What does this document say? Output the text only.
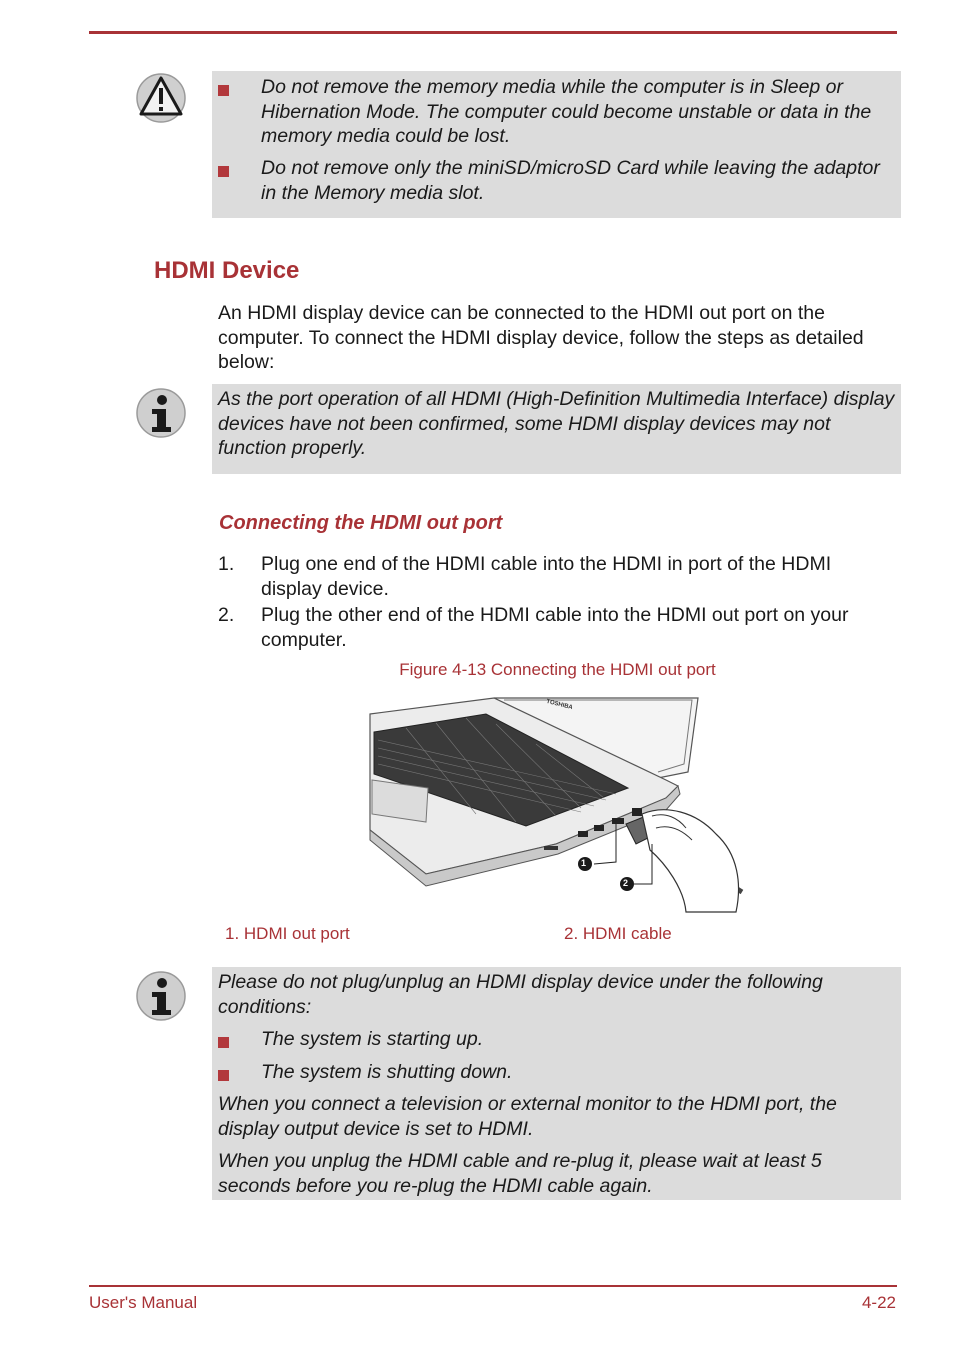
Do not remove the memory media while the computer is in Sleep or Hibernation Mode. The computer could become unstable or data in the memory media could be lost.
Do not remove only the miniSD/microSD Card while leaving the adaptor in the Memory media slot.
HDMI Device
An HDMI display device can be connected to the HDMI out port on the computer. To connect the HDMI display device, follow the steps as detailed below:
As the port operation of all HDMI (High-Definition Multimedia Interface) display devices have not been confirmed, some HDMI display devices may not function properly.
Connecting the HDMI out port
1. Plug one end of the HDMI cable into the HDMI in port of the HDMI display device.
2. Plug the other end of the HDMI cable into the HDMI out port on your computer.
Figure 4-13 Connecting the HDMI out port
TOSHIBA
1
2
1. HDMI out port	2. HDMI cable
Please do not plug/unplug an HDMI display device under the following conditions:
The system is starting up.
The system is shutting down.
When you connect a television or external monitor to the HDMI port, the display output device is set to HDMI.
When you unplug the HDMI cable and re-plug it, please wait at least 5 seconds before you re-plug the HDMI cable again.
User's Manual	4-22
